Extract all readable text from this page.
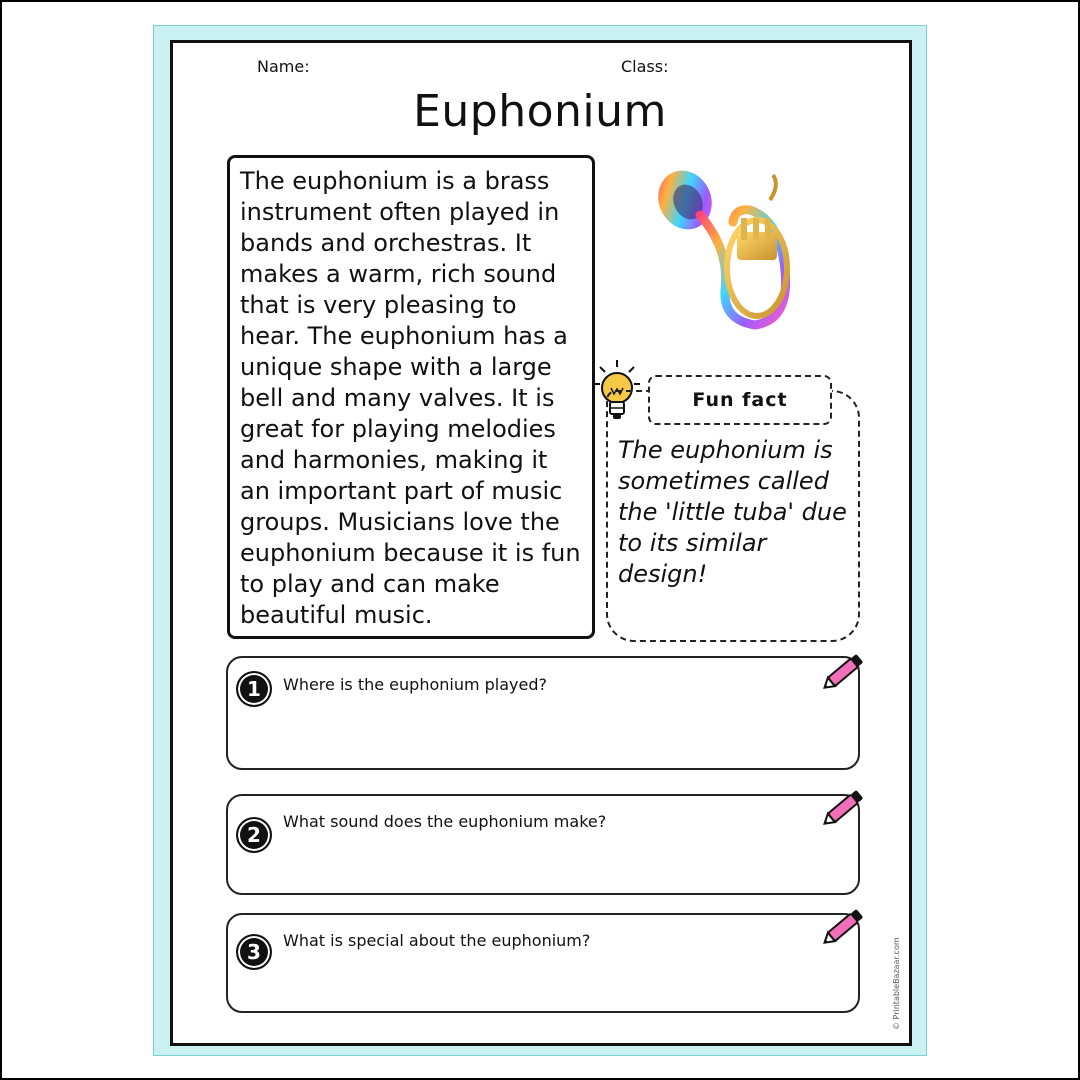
Name:	Class:
Euphonium
The euphonium is a brass instrument often played in bands and orchestras. It makes a warm, rich sound that is very pleasing to hear. The euphonium has a unique shape with a large bell and many valves. It is great for playing melodies and harmonies, making it an important part of music groups. Musicians love the euphonium because it is fun to play and can make beautiful music.
Fun fact
The euphonium is sometimes called the 'little tuba' due to its similar design!
1	Where is the euphonium played?
2
What sound does the euphonium make?
3	What is special about the euphonium?	© PrintableBazaar.com
